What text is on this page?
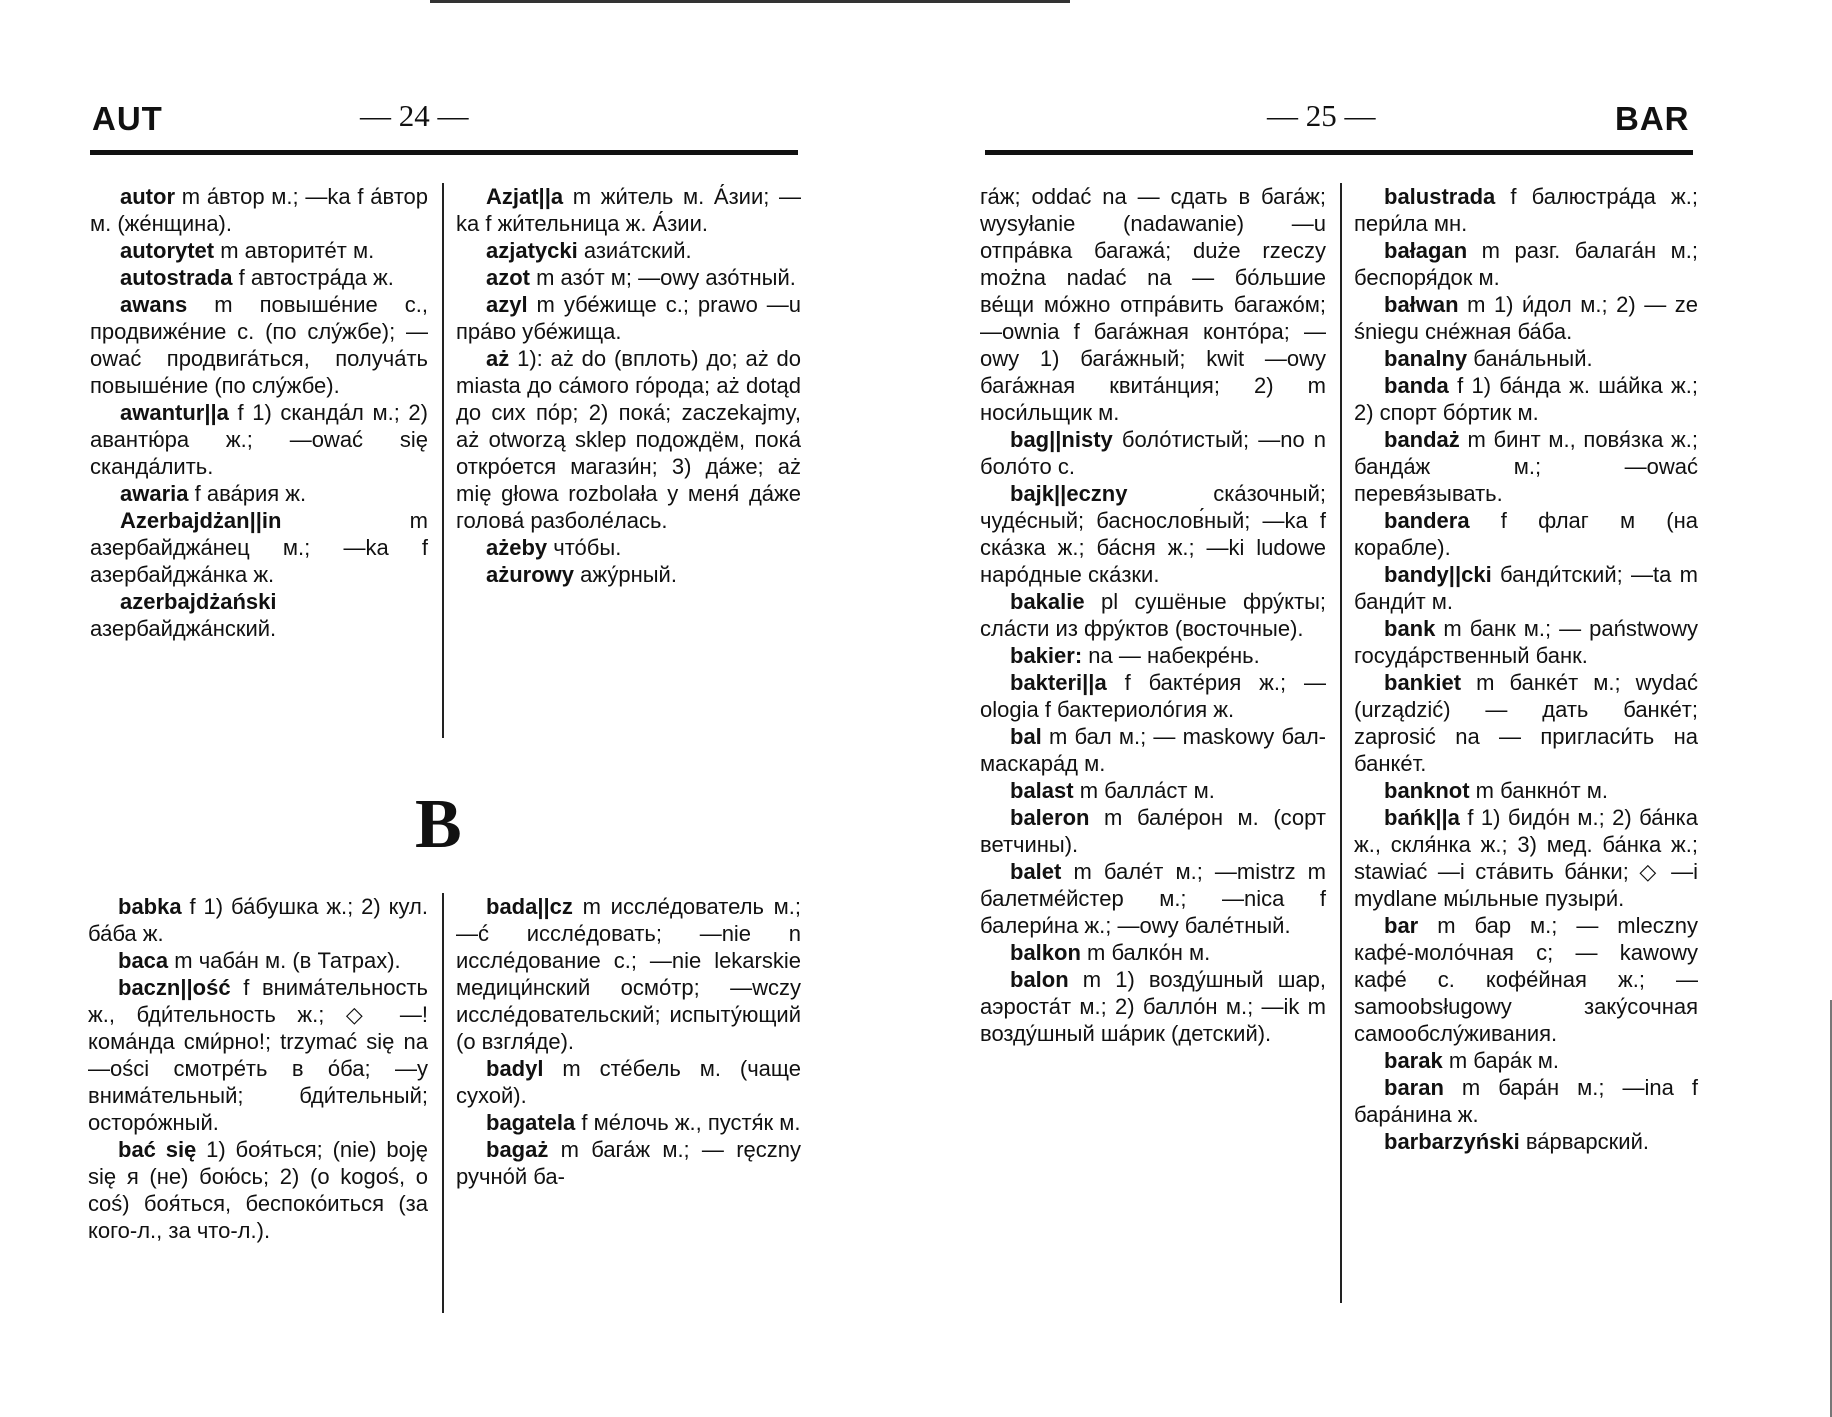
AUT	— 24 —	— 25 —	BAR

autor m а́втор м.; —ka f а́втор м. (же́нщина).

autorytet m авторите́т м.

autostrada f автостра́да ж.

awans m повыше́ние с., продвиже́ние с. (по слу́жбе); —ować продвига́ться, получа́ть повыше́ние (по слу́жбе).

awantur||a f 1) сканда́л м.; 2) авантю́ра ж.; —ować się сканда́лить.

awaria f ава́рия ж.

Azerbajdżan||in m азербайджа́нец м.; —ka f азербайджа́нка ж.

azerbajdżański азербайджа́нский.

Azjat||a m жи́тель м. А́зии; —ka f жи́тельница ж. А́зии.

azjatycki азиа́тский.

azot m азо́т м; —owy азо́тный.

azyl m убе́жище с.; prawo —u пра́во убе́жища.

aż 1): aż do (вплоть) до; aż do miasta до са́мого го́рода; aż dotąd до сих по́р; 2) пока́; zaczekajmy, aż otworzą sklep подождём, пока́ откро́ется магази́н; 3) да́же; aż mię głowa rozbolała у меня́ да́же голова́ разболе́лась.

ażeby что́бы.

ażurowy ажу́рный.

B

babka f 1) ба́бушка ж.; 2) кул. ба́ба ж.

baca m чаба́н м. (в Татрах).

baczn||ość f внима́тельность ж., бди́тельность ж.; ◇ —! кома́нда сми́рно!; trzymać się na —ości смотре́ть в о́ба; —у внима́тельный; бди́тельный; осторо́жный.

bać się 1) боя́ться; (nie) boję się я (не) бою́сь; 2) (o kogoś, o coś) боя́ться, беспоко́иться (за кого-л., за что-л.).

bada||cz m иссле́дователь м.; —ć иссле́довать; —nie n иссле́дование с.; —nie lekarskie медици́нский осмо́тр; —wczy иссле́довательский; испыту́ющий (о взгля́де).

badyl m сте́бель м. (чаще сухой).

bagatela f ме́лочь ж., пустя́к м.

bagaż m бага́ж м.; — ręczny ручно́й ба-

га́ж; oddać na — сдать в бага́ж; wysyłanie (nadawanie) —u отпра́вка багажа́; duże rzeczy można nadać na — бо́льшие ве́щи мо́жно отпра́вить багажо́м; —ownia f бага́жная конто́ра; —owy 1) бага́жный; kwit —owy бага́жная квита́нция; 2) m носи́льщик м.

bag||nisty боло́тистый; —no n боло́то с.

bajk||eczny ска́зочный; чуде́сный; баснослов́ный; —ka f ска́зка ж.; ба́сня ж.; —ki ludowe наро́дные ска́зки.

bakalie pl сушёные фру́кты; сла́сти из фру́ктов (восточные).

bakier: na — набекре́нь.

bakteri||a f бакте́рия ж.; —ologia f бактериоло́гия ж.

bal m бал м.; — maskowy бал-маскара́д м.

balast m балла́ст м.

baleron m бале́рон м. (сорт ветчины).

balet m бале́т м.; —mistrz m балетме́йстер м.; —nica f балери́на ж.; —owy бале́тный.

balkon m балко́н м.

balon m 1) возду́шный шар, аэроста́т м.; 2) балло́н м.; —ik m возду́шный ша́рик (детский).

balustrada f балюстра́да ж.; пери́ла мн.

bałagan m разг. балага́н м.; беспоря́док м.

bałwan m 1) и́дол м.; 2) — ze śniegu сне́жная ба́ба.

banalny бана́льный.

banda f 1) ба́нда ж. ша́йка ж.; 2) спорт бо́ртик м.

bandaż m бинт м., повя́зка ж.; банда́ж м.; —ować перевя́зывать.

bandera f флаг м (на корабле).

bandy||cki банди́тский; —ta m банди́т м.

bank m банк м.; — państwowy госуда́рственный банк.

bankiet m банке́т м.; wydać (urządzić) — дать банке́т; zaprosić na — пригласи́ть на банке́т.

banknot m банкно́т м.

bańk||a f 1) бидо́н м.; 2) ба́нка ж., скля́нка ж.; 3) мед. ба́нка ж.; stawiać —i ста́вить ба́нки; ◇ —i mydlane мы́льные пузыри́.

bar m бар м.; — mleczny кафе́-моло́чная с; — kawowy кафе́ с. кофе́йная ж.; — samoobsługowy заку́сочная самообслу́живания.

barak m бара́к м.

baran m бара́н м.; —ina f бара́нина ж.

barbarzyński ва́рварский.
